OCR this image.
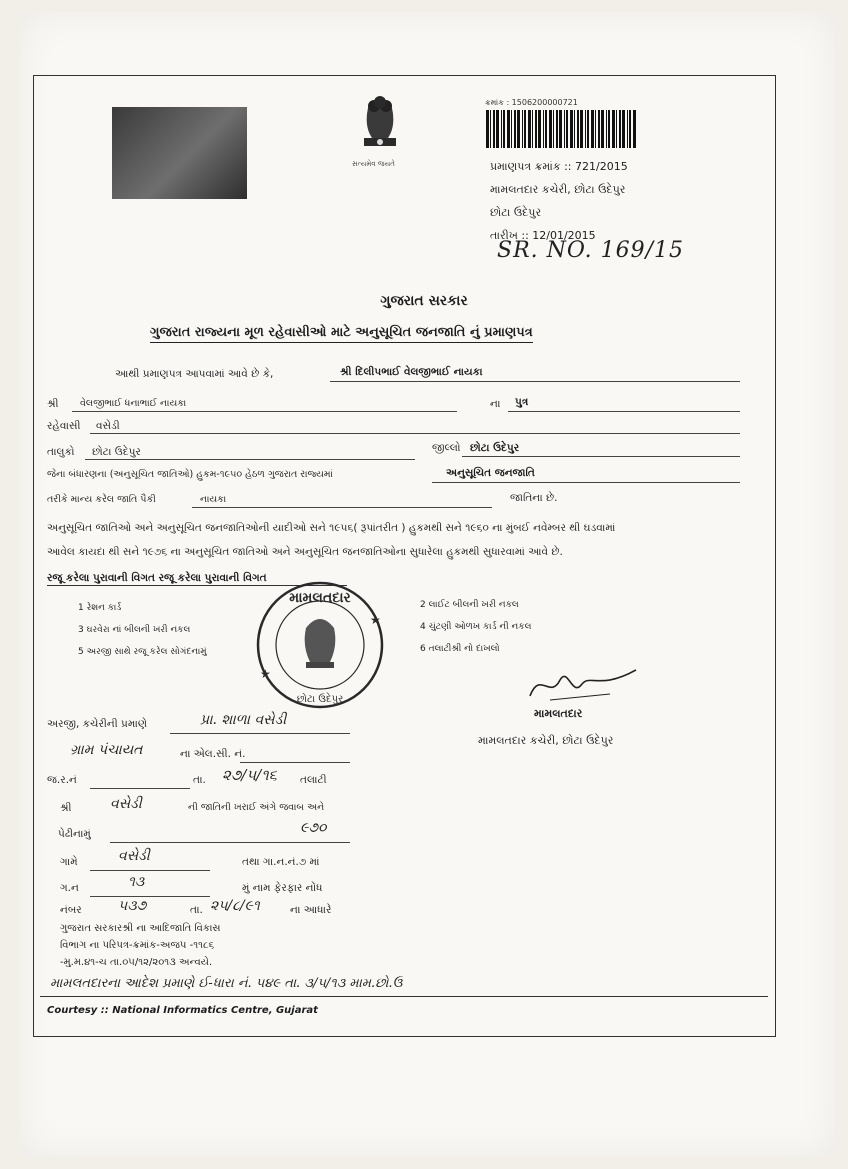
સત્યમેવ જયતે
ક્રમાંક : 1506200000721
પ્રમાણપત્ર ક્રમાંક :: 721/2015
મામલતદાર કચેરી, છોટા ઉદેપુર
છોટા ઉદેપુર
તારીખ :: 12/01/2015
SR. NO. 169/15
ગુજરાત સરકાર
ગુજરાત રાજ્યના મૂળ રહેવાસીઓ માટે અનુસૂચિત જનજાતિ નું પ્રમાણપત્ર
આથી પ્રમાણપત્ર આપવામાં આવે છે કે,	શ્રી દિલીપભાઈ વેલજીભાઈ નાયકા
શ્રી વેલજીભાઈ ધનાભાઈ નાયકા	ના પુત્ર
રહેવાસી વસેડી
તાલુકો છોટા ઉદેપુર	જીલ્લો છોટા ઉદેપુર
જેના બંધારણના (અનુસૂચિત જાતિઓ) હુકમ-૧૯૫૦ હેઠળ ગુજરાત રાજ્યમાં	અનુસૂચિત જનજાતિ
તરીકે માન્ય કરેલ જાતિ પૈકી	નાયકા	જાતિના છે.
અનુસૂચિત જાતિઓ અને અનુસૂચિત જનજાતિઓની યાદીઓ સને ૧૯૫૬( રૂપાંતરીત ) હુકમથી સને ૧૯૬૦ ના મુંબઈ નવેમ્બર થી ઘડવામાં
આવેલ કાયદા થી સને ૧૯૭૬ ના અનુસૂચિત જાતિઓ અને અનુસૂચિત જનજાતિઓના સુધારેલા હુકમથી સુધારવામાં આવે છે.
રજૂ કરેલા પુરાવાની વિગત રજૂ કરેલા પુરાવાની વિગત
1 રેશન કાર્ડ
3 ઘરવેરા નાં બીલની ખરી નકલ
5 અરજી સાથે રજૂ કરેલ સોગંદનામું
2 લાઈટ બીલની ખરી નકલ
4 ચુંટણી ઓળખ કાર્ડ ની નકલ
6 તલાટીશ્રી નો દાખલો
મામલતદાર
છોટા ઉદેપુર
★
★
મામલતદાર
મામલતદાર કચેરી, છોટા ઉદેપુર
અરજી, કચેરીની પ્રમાણે	પ્રા. શાળા વસેડી
ગ્રામ પંચાયત	ના એલ.સી. નં.
જ.ર.નં	તા. ૨૭/૫/૧૬ તલાટી
શ્રી	વસેડી	ની જાતિની ખરાઈ અંગે જવાબ અને
પેઢીનામું	૯૭૦
ગામે	વસેડી	તથા ગા.ન.નં.૭ માં
ગ.ન	૧૩	મું નામ ફેરફાર નોંધ
નંબર	૫૩૭	તા. ૨૫/૮/૯૧	ના આધારે
ગુજરાત સરકારશ્રી ના આદિજાતિ વિકાસ
વિભાગ ના પરિપત્ર-ક્રમાંક-અજપ -૧૧૮૬
-મુ.મ.૪૧-ચ તા.૦૫/૧૨/૨૦૧૩ અન્વયે.
મામલતદારના આદેશ પ્રમાણે ઈ-ધારા નં. ૫૪૯ તા. ૩/૫/૧૩ મામ.છો.ઉ
Courtesy :: National Informatics Centre, Gujarat
